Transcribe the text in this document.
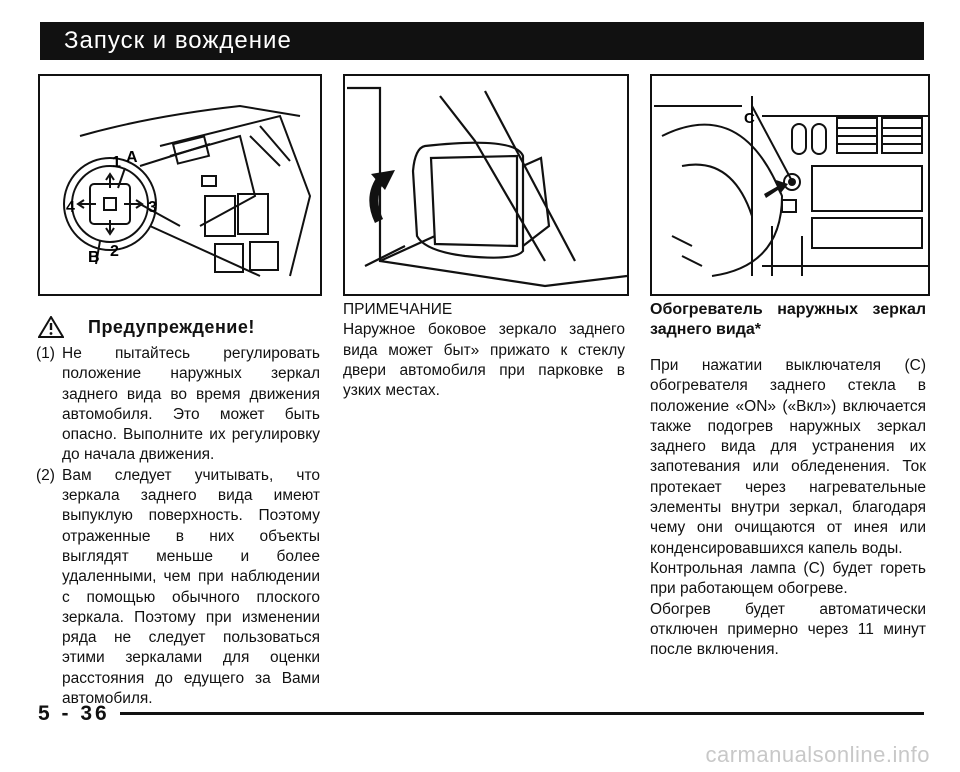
Запуск и вождение
1 A
4	3
B 2
C
Предупреждение!
(1) Не пытайтесь регулировать положение наружных зеркал заднего вида во время движения автомобиля. Это может быть опасно. Выполните их регулировку до начала движения.
(2) Вам следует учитывать, что зеркала заднего вида имеют выпуклую поверхность. Поэтому отраженные в них объекты выглядят меньше и более удаленными, чем при наблюдении с помощью обычного плоского зеркала. Поэтому при изменении ряда не следует пользоваться этими зеркалами для оценки расстояния до едущего за Вами автомобиля.
ПРИМЕЧАНИЕ
Наружное боковое зеркало заднего вида может быт» прижато к стеклу двери автомобиля при парковке в узких местах.
Обогреватель наружных зеркал заднего вида*
При нажатии выключателя (C) обогревателя заднего стекла в положение «ON» («Вкл») включается также подогрев наружных зеркал заднего вида для устранения их запотевания или обледенения. Ток протекает через нагревательные элементы внутри зеркал, благодаря чему они очищаются от инея или конденсировавшихся капель воды.
Контрольная лампа (C) будет гореть при работающем обогреве.
Обогрев будет автоматически отключен примерно через 11 минут после включения.
5 - 36
carmanualsonline.info
